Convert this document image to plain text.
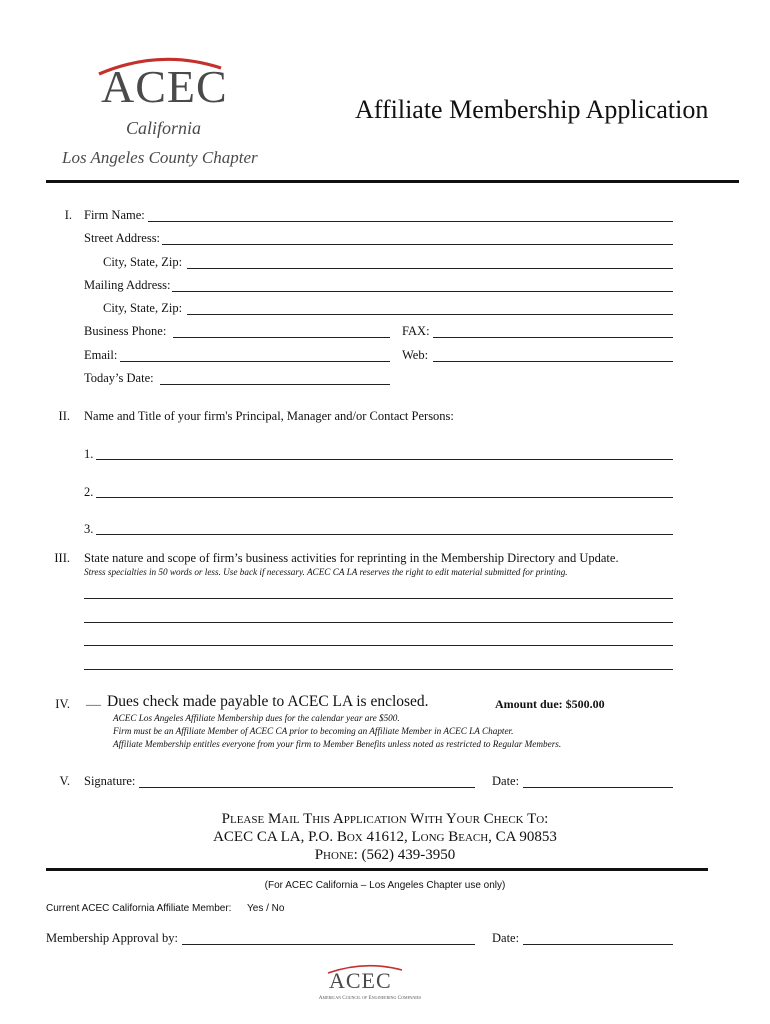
ACEC
California
Los Angeles County Chapter
Affiliate Membership Application
I. Firm Name:
Street Address:
City, State, Zip:
Mailing Address:
City, State, Zip:
Business Phone:	FAX:
Email:	Web:
Today’s Date:
II. Name and Title of your firm's Principal, Manager and/or Contact Persons:
1.
2.
3.
III. State nature and scope of firm’s business activities for reprinting in the Membership Directory and Update.
Stress specialties in 50 words or less. Use back if necessary. ACEC CA LA reserves the right to edit material submitted for printing.
IV. __ Dues check made payable to ACEC LA is enclosed.	Amount due: $500.00
ACEC Los Angeles Affiliate Membership dues for the calendar year are $500.
Firm must be an Affiliate Member of ACEC CA prior to becoming an Affiliate Member in ACEC LA Chapter.
Affiliate Membership entitles everyone from your firm to Member Benefits unless noted as restricted to Regular Members.
V. Signature:	Date:
Please Mail This Application With Your Check To:
ACEC CA LA, P.O. Box 41612, Long Beach, CA 90853
Phone: (562) 439-3950
(For ACEC California – Los Angeles Chapter use only)
Current ACEC California Affiliate Member: Yes / No
Membership Approval by:	Date:
ACEC
American Council of Engineering Companies
